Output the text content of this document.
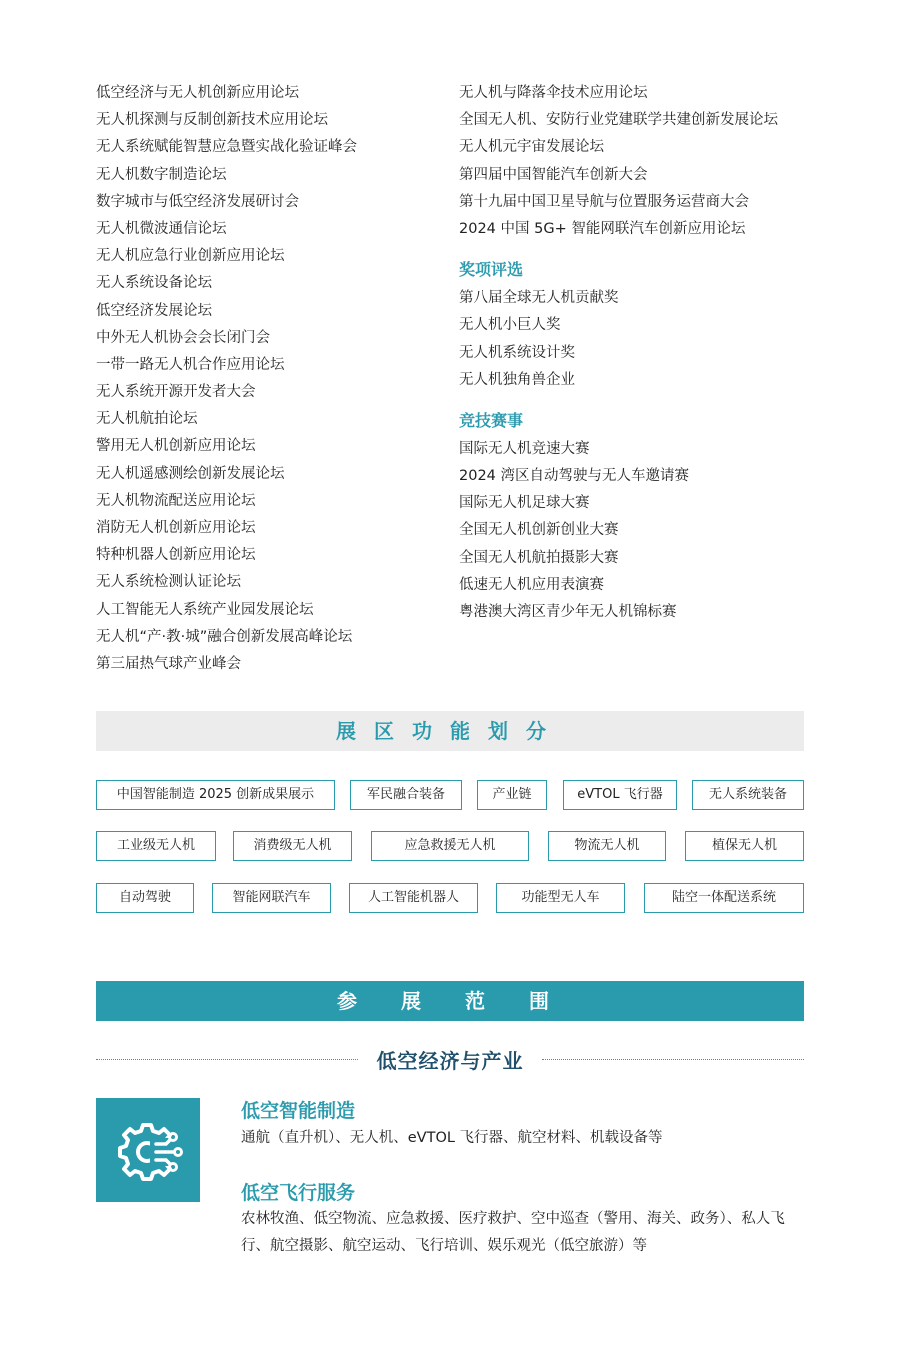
低空经济与无人机创新应用论坛
无人机探测与反制创新技术应用论坛
无人系统赋能智慧应急暨实战化验证峰会
无人机数字制造论坛
数字城市与低空经济发展研讨会
无人机微波通信论坛
无人机应急行业创新应用论坛
无人系统设备论坛
低空经济发展论坛
中外无人机协会会长闭门会
一带一路无人机合作应用论坛
无人系统开源开发者大会
无人机航拍论坛
警用无人机创新应用论坛
无人机遥感测绘创新发展论坛
无人机物流配送应用论坛
消防无人机创新应用论坛
特种机器人创新应用论坛
无人系统检测认证论坛
人工智能无人系统产业园发展论坛
无人机“产·教·城”融合创新发展高峰论坛
第三届热气球产业峰会
无人机与降落伞技术应用论坛
全国无人机、安防行业党建联学共建创新发展论坛
无人机元宇宙发展论坛
第四届中国智能汽车创新大会
第十九届中国卫星导航与位置服务运营商大会
2024 中国 5G+ 智能网联汽车创新应用论坛
奖项评选
第八届全球无人机贡献奖
无人机小巨人奖
无人机系统设计奖
无人机独角兽企业
竞技赛事
国际无人机竞速大赛
2024 湾区自动驾驶与无人车邀请赛
国际无人机足球大赛
全国无人机创新创业大赛
全国无人机航拍摄影大赛
低速无人机应用表演赛
粤港澳大湾区青少年无人机锦标赛
展区功能划分
中国智能制造 2025 创新成果展示	军民融合装备	产业链	eVTOL 飞行器	无人系统装备
工业级无人机	消费级无人机	应急救援无人机	物流无人机	植保无人机
自动驾驶	智能网联汽车	人工智能机器人	功能型无人车	陆空一体配送系统
参展范围
低空经济与产业
低空智能制造
通航（直升机）、无人机、eVTOL 飞行器、航空材料、机载设备等
低空飞行服务
农林牧渔、低空物流、应急救援、医疗救护、空中巡查（警用、海关、政务）、私人飞行、航空摄影、航空运动、飞行培训、娱乐观光（低空旅游）等
